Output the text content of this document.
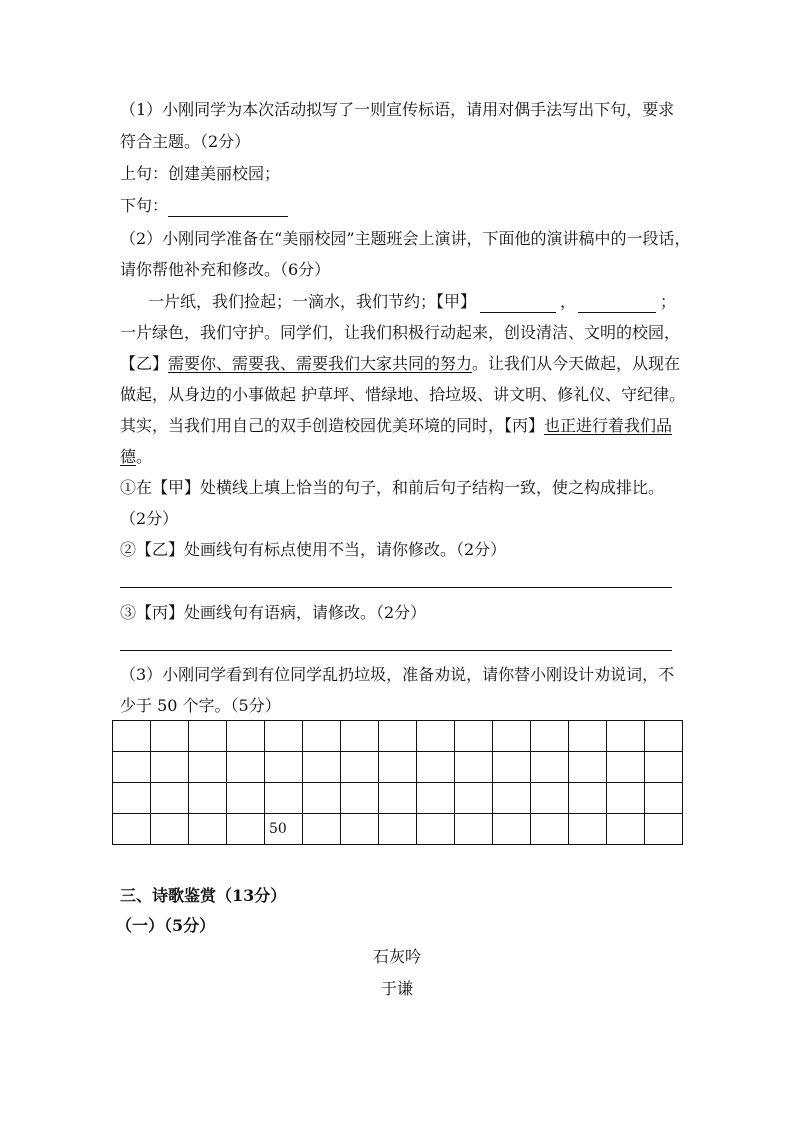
（1）小刚同学为本次活动拟写了一则宣传标语，请用对偶手法写出下句，要求
符合主题。（2分）
上句：创建美丽校园；
下句：
（2）小刚同学准备在“美丽校园”主题班会上演讲，下面他的演讲稿中的一段话，
请你帮他补充和修改。（6分）
一片纸，我们捡起；一滴水，我们节约；【甲】	，	；
一片绿色，我们守护。同学们，让我们积极行动起来，创设清洁、文明的校园，
【乙】需要你、需要我、需要我们大家共同的努力。让我们从今天做起，从现在
做起，从身边的小事做起 护草坪、惜绿地、拾垃圾、讲文明、修礼仪、守纪律。
其实，当我们用自己的双手创造校园优美环境的同时，【丙】也正进行着我们品
德。
①在【甲】处横线上填上恰当的句子，和前后句子结构一致，使之构成排比。
（2分）
②【乙】处画线句有标点使用不当，请你修改。（2分）
③【丙】处画线句有语病，请修改。（2分）
（3）小刚同学看到有位同学乱扔垃圾，准备劝说，请你替小刚设计劝说词，不
少于 50 个字。（5分）

				50										
三、诗歌鉴赏（13分）
（一）（5分）
石灰吟
于谦
